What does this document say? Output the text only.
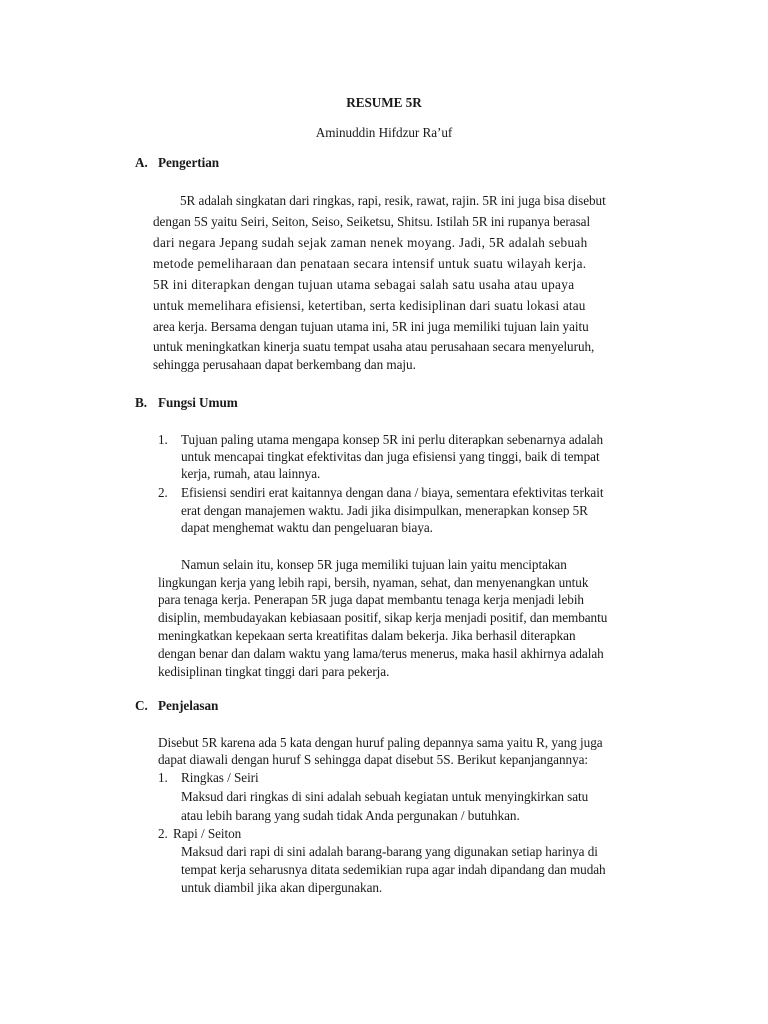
RESUME 5R
Aminuddin Hifdzur Ra’uf
A. Pengertian
5R adalah singkatan dari ringkas, rapi, resik, rawat, rajin. 5R ini juga bisa disebut
dengan 5S yaitu Seiri, Seiton, Seiso, Seiketsu, Shitsu. Istilah 5R ini rupanya berasal
dari negara Jepang sudah sejak zaman nenek moyang. Jadi, 5R adalah sebuah
metode pemeliharaan dan penataan secara intensif untuk suatu wilayah kerja.
5R ini diterapkan dengan tujuan utama sebagai salah satu usaha atau upaya
untuk memelihara efisiensi, ketertiban, serta kedisiplinan dari suatu lokasi atau
area kerja. Bersama dengan tujuan utama ini, 5R ini juga memiliki tujuan lain yaitu
untuk meningkatkan kinerja suatu tempat usaha atau perusahaan secara menyeluruh,
sehingga perusahaan dapat berkembang dan maju.
B. Fungsi Umum
1. Tujuan paling utama mengapa konsep 5R ini perlu diterapkan sebenarnya adalah
untuk mencapai tingkat efektivitas dan juga efisiensi yang tinggi, baik di tempat
kerja, rumah, atau lainnya.
2. Efisiensi sendiri erat kaitannya dengan dana / biaya, sementara efektivitas terkait
erat dengan manajemen waktu. Jadi jika disimpulkan, menerapkan konsep 5R
dapat menghemat waktu dan pengeluaran biaya.
Namun selain itu, konsep 5R juga memiliki tujuan lain yaitu menciptakan
lingkungan kerja yang lebih rapi, bersih, nyaman, sehat, dan menyenangkan untuk
para tenaga kerja. Penerapan 5R juga dapat membantu tenaga kerja menjadi lebih
disiplin, membudayakan kebiasaan positif, sikap kerja menjadi positif, dan membantu
meningkatkan kepekaan serta kreatifitas dalam bekerja. Jika berhasil diterapkan
dengan benar dan dalam waktu yang lama/terus menerus, maka hasil akhirnya adalah
kedisiplinan tingkat tinggi dari para pekerja.
C. Penjelasan
Disebut 5R karena ada 5 kata dengan huruf paling depannya sama yaitu R, yang juga
dapat diawali dengan huruf S sehingga dapat disebut 5S. Berikut kepanjangannya:
1. Ringkas / Seiri
Maksud dari ringkas di sini adalah sebuah kegiatan untuk menyingkirkan satu
atau lebih barang yang sudah tidak Anda pergunakan / butuhkan.
2. Rapi / Seiton
Maksud dari rapi di sini adalah barang-barang yang digunakan setiap harinya di
tempat kerja seharusnya ditata sedemikian rupa agar indah dipandang dan mudah
untuk diambil jika akan dipergunakan.
